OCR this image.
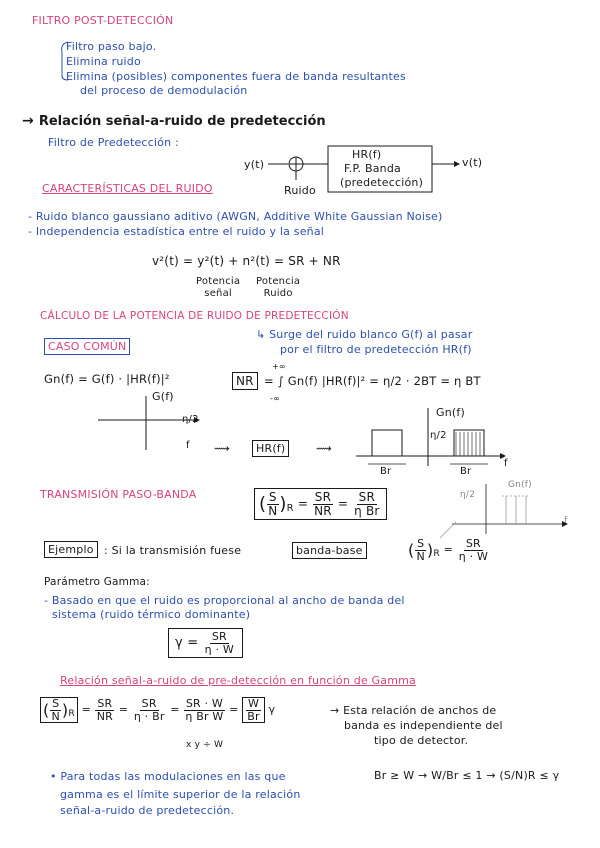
FILTRO POST-DETECCIÓN
Filtro paso bajo.
Elimina ruido
Elimina (posibles) componentes fuera de banda resultantes
del proceso de demodulación
→ Relación señal-a-ruido de predetección
Filtro de Predetección :
y(t)
Ruido
HR(f)
F.P. Banda
(predetección)
v(t)
CARACTERÍSTICAS DEL RUIDO
- Ruido blanco gaussiano aditivo (AWGN, Additive White Gaussian Noise)
- Independencia estadística entre el ruido y la señal
v²(t) = y²(t) + n²(t) = SR + NR
Potencia
señal
Potencia
Ruido
CÁLCULO DE LA POTENCIA DE RUIDO DE PREDETECCIÓN
↳ Surge del ruido blanco G(f) al pasar
por el filtro de predetección HR(f)
CASO COMÚN
Gn(f) = G(f) · |HR(f)|²	NR = ∫ Gn(f) |HR(f)|² = η/2 · 2BT = η BT
+∞
-∞
G(f)
η/2
f ⟿	HR(f)	⟿
Gn(f)
η/2
Br	Br
f
TRANSMISIÓN PASO-BANDA	( $\frac{S}{N} )_R = \frac{SR}{NR} = \frac{SR}{\text{η Br}}$
Gn(f)
η/2
f
Ejemplo : Si la transmisión fuese	banda-base	( $\frac{S}{N} )_R = \frac{SR}{\eta \cdot W}$
Parámetro Gamma:
- Basado en que el ruido es proporcional al ancho de banda del
sistema (ruido térmico dominante)
$\gamma = \frac{SR}{\eta \cdot W}$
Relación señal-a-ruido de pre-detección en función de Gamma
( $\frac{S}{N} )_R = \frac{SR}{NR} = \frac{SR}{\eta \cdot Br} = \frac{SR \cdot W}{\text{η Br W}} = \frac{W}{Br}$ γ
x y ÷ W
→ Esta relación de anchos de
banda es independiente del
tipo de detector.
• Para todas las modulaciones en las que	Br ≥ W → W/Br ≤ 1 → (S/N)R ≤ γ
gamma es el límite superior de la relación
señal-a-ruido de predetección.
